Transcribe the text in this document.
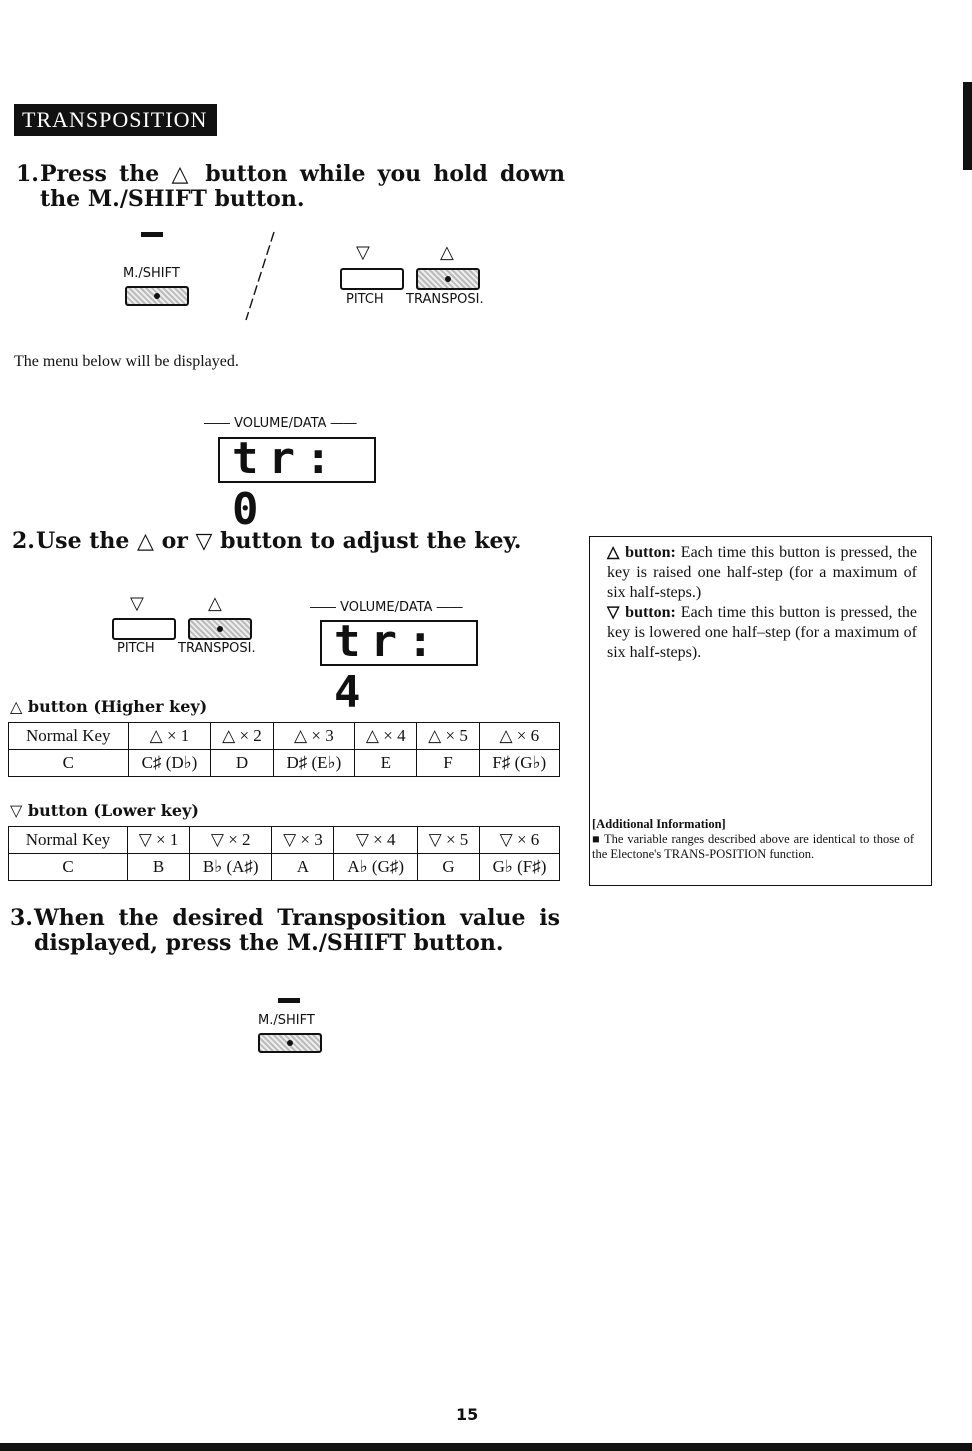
TRANSPOSITION
1. Press the △ button while you hold down the M./SHIFT button.
M./SHIFT
▽	△
PITCH TRANSPOSI.
The menu below will be displayed.
―― VOLUME/DATA ――
tr: 0
2. Use the △ or ▽ button to adjust the key.
▽	△
PITCH TRANSPOSI.
―― VOLUME/DATA ――
tr: 4
△ button (Higher key)
Normal Key	△ × 1	△ × 2	△ × 3	△ × 4	△ × 5	△ × 6
C	C♯ (D♭)	D	D♯ (E♭)	E	F	F♯ (G♭)
▽ button (Lower key)
Normal Key	▽ × 1	▽ × 2	▽ × 3	▽ × 4	▽ × 5	▽ × 6
C	B	B♭ (A♯)	A	A♭ (G♯)	G	G♭ (F♯)
△ button: Each time this button is pressed, the key is raised one half-step (for a maximum of six half-steps.)
▽ button: Each time this button is pressed, the key is lowered one half–step (for a maximum of six half-steps).
[Additional Information]
■ The variable ranges described above are identical to those of the Electone's TRANS-POSITION function.
3. When the desired Transposition value is displayed, press the M./SHIFT button.
M./SHIFT
15
